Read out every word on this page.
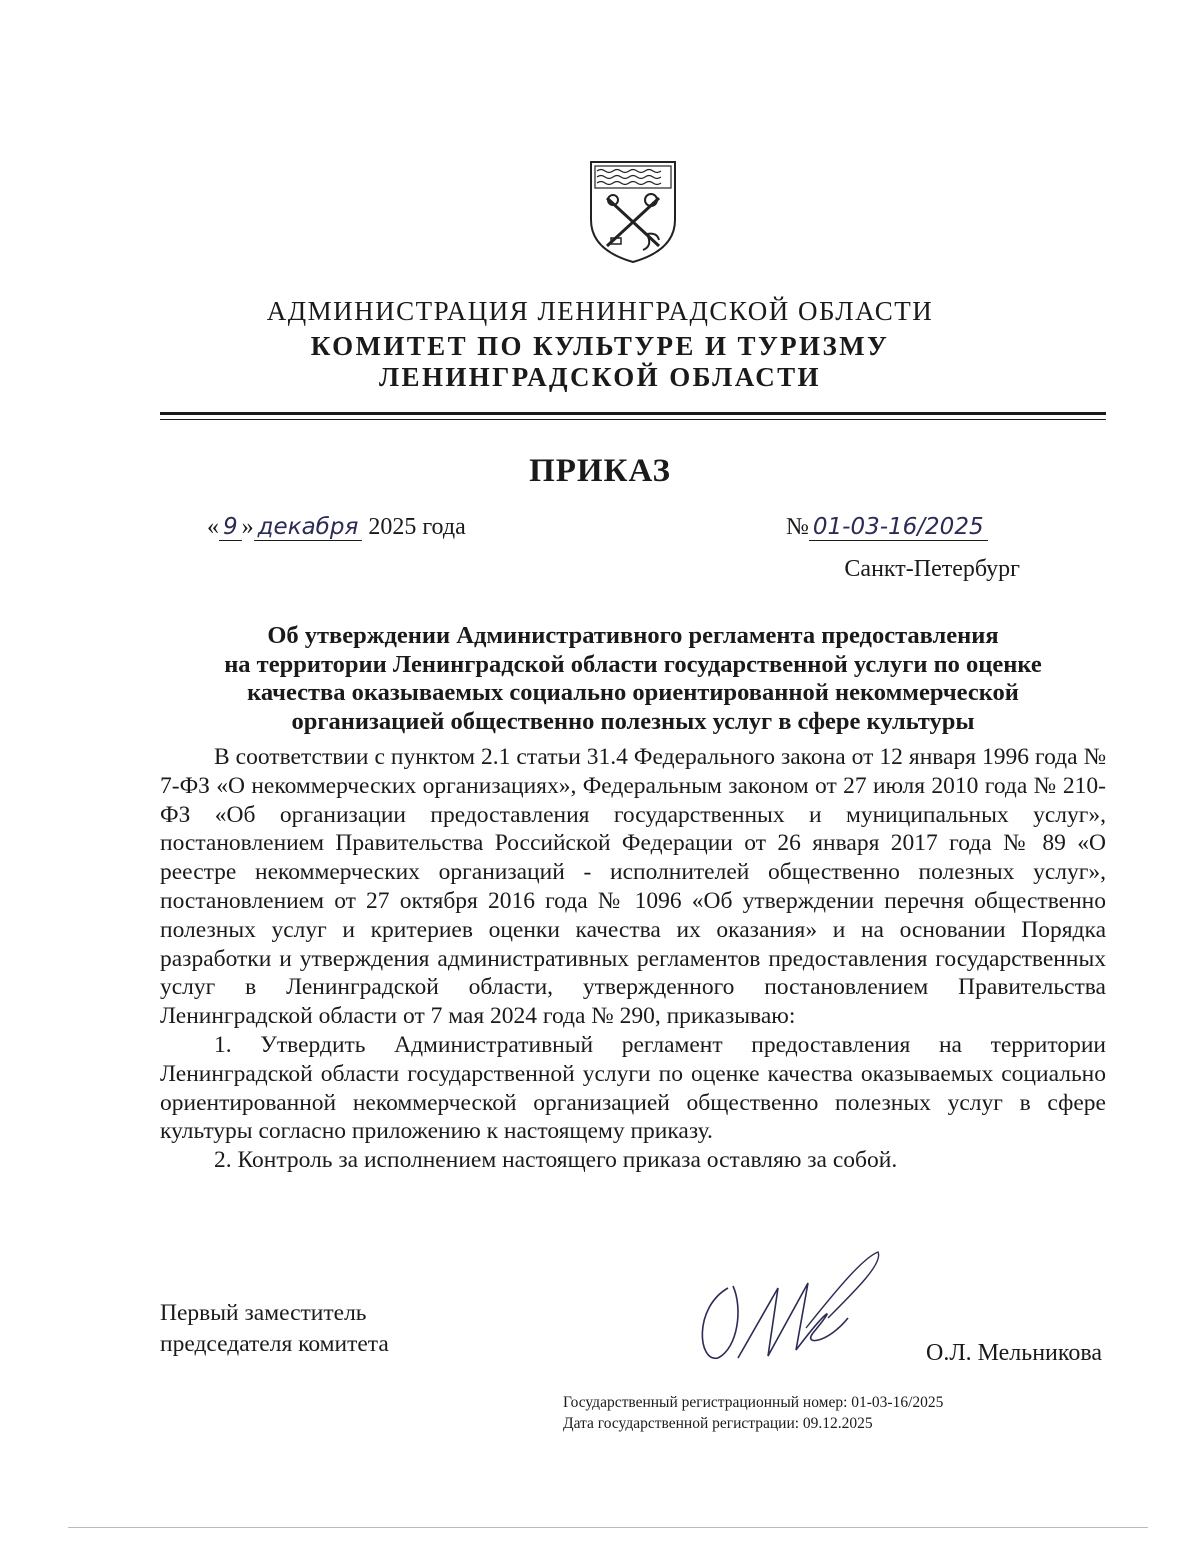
АДМИНИСТРАЦИЯ ЛЕНИНГРАДСКОЙ ОБЛАСТИ
КОМИТЕТ ПО КУЛЬТУРЕ И ТУРИЗМУ
ЛЕНИНГРАДСКОЙ ОБЛАСТИ
ПРИКАЗ
« 9 » декабря 2025 года	№ 01-03-16/2025
Санкт-Петербург
Об утверждении Административного регламента предоставления
на территории Ленинградской области государственной услуги по оценке
качества оказываемых социально ориентированной некоммерческой
организацией общественно полезных услуг в сфере культуры

В соответствии с пунктом 2.1 статьи 31.4 Федерального закона от 12 января 1996 года № 7-ФЗ «О некоммерческих организациях», Федеральным законом от 27 июля 2010 года № 210-ФЗ «Об организации предоставления государственных и муниципальных услуг», постановлением Правительства Российской Федерации от 26 января 2017 года № 89 «О реестре некоммерческих организаций - исполнителей общественно полезных услуг», постановлением от 27 октября 2016 года № 1096 «Об утверждении перечня общественно полезных услуг и критериев оценки качества их оказания» и на основании Порядка разработки и утверждения административных регламентов предоставления государственных услуг в Ленинградской области, утвержденного постановлением Правительства Ленинградской области от 7 мая 2024 года № 290, приказываю:

1. Утвердить Административный регламент предоставления на территории Ленинградской области государственной услуги по оценке качества оказываемых социально ориентированной некоммерческой организацией общественно полезных услуг в сфере культуры согласно приложению к настоящему приказу.

2. Контроль за исполнением настоящего приказа оставляю за собой.

Первый заместитель
председателя комитета	О.Л. Мельникова
Государственный регистрационный номер: 01-03-16/2025
Дата государственной регистрации: 09.12.2025
